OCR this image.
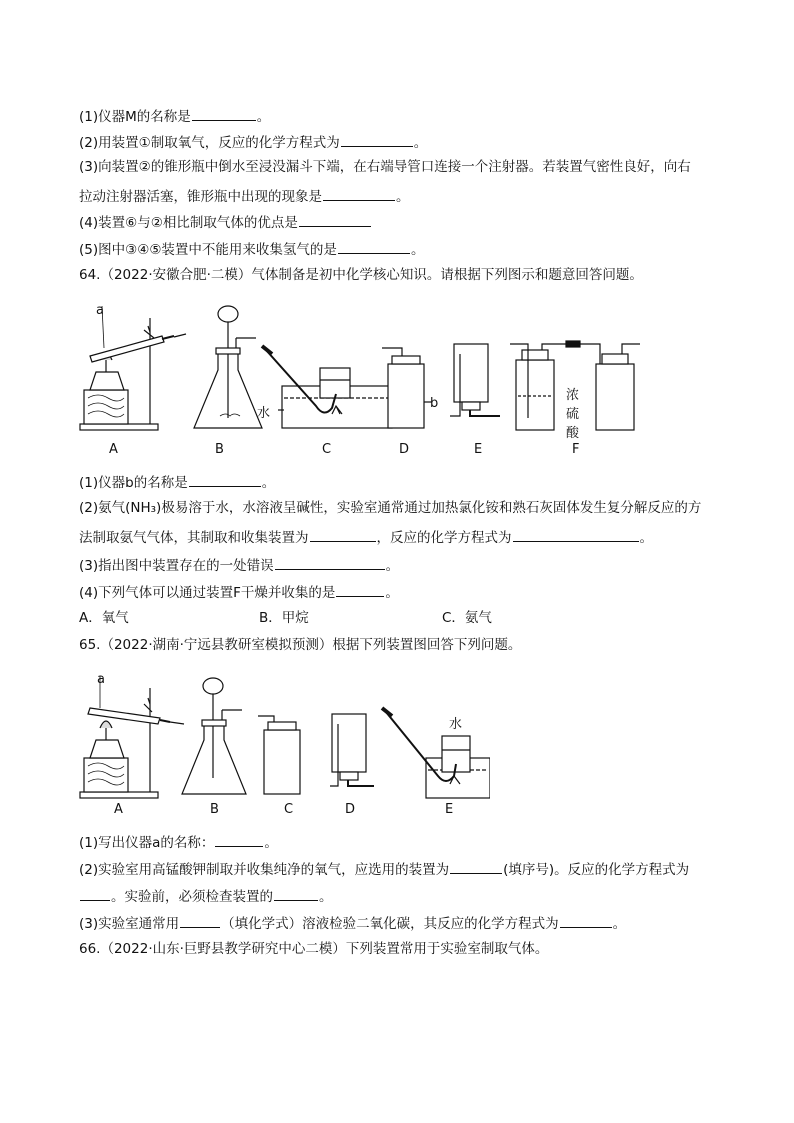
(1)仪器M的名称是	。
(2)用装置①制取氧气，反应的化学方程式为	。
(3)向装置②的锥形瓶中倒水至浸没漏斗下端，在右端导管口连接一个注射器。若装置气密性良好，向右
拉动注射器活塞，锥形瓶中出现的现象是	。
(4)装置⑥与②相比制取气体的优点是
(5)图中③④⑤装置中不能用来收集氢气的是	。
64.（2022·安徽合肥·二模）气体制备是初中化学核心知识。请根据下列图示和题意回答问题。
a
b
水
浓
硫
酸
A	B	C	D	E	F
(1)仪器b的名称是	。
(2)氨气(NH₃)极易溶于水，水溶液呈碱性，实验室通常通过加热氯化铵和熟石灰固体发生复分解反应的方
法制取氨气气体，其制取和收集装置为	，反应的化学方程式为	。
(3)指出图中装置存在的一处错误	。
(4)下列气体可以通过装置F干燥并收集的是	。
A．氧气	B．甲烷	C．氨气
65.（2022·湖南·宁远县教研室模拟预测）根据下列装置图回答下列问题。
a
水
A	B	C	D	E
(1)写出仪器a的名称：	。
(2)实验室用高锰酸钾制取并收集纯净的氧气，应选用的装置为	(填序号)。反应的化学方程式为
。实验前，必须检查装置的	。
(3)实验室通常用	（填化学式）溶液检验二氧化碳，其反应的化学方程式为	。
66.（2022·山东·巨野县教学研究中心二模）下列装置常用于实验室制取气体。
